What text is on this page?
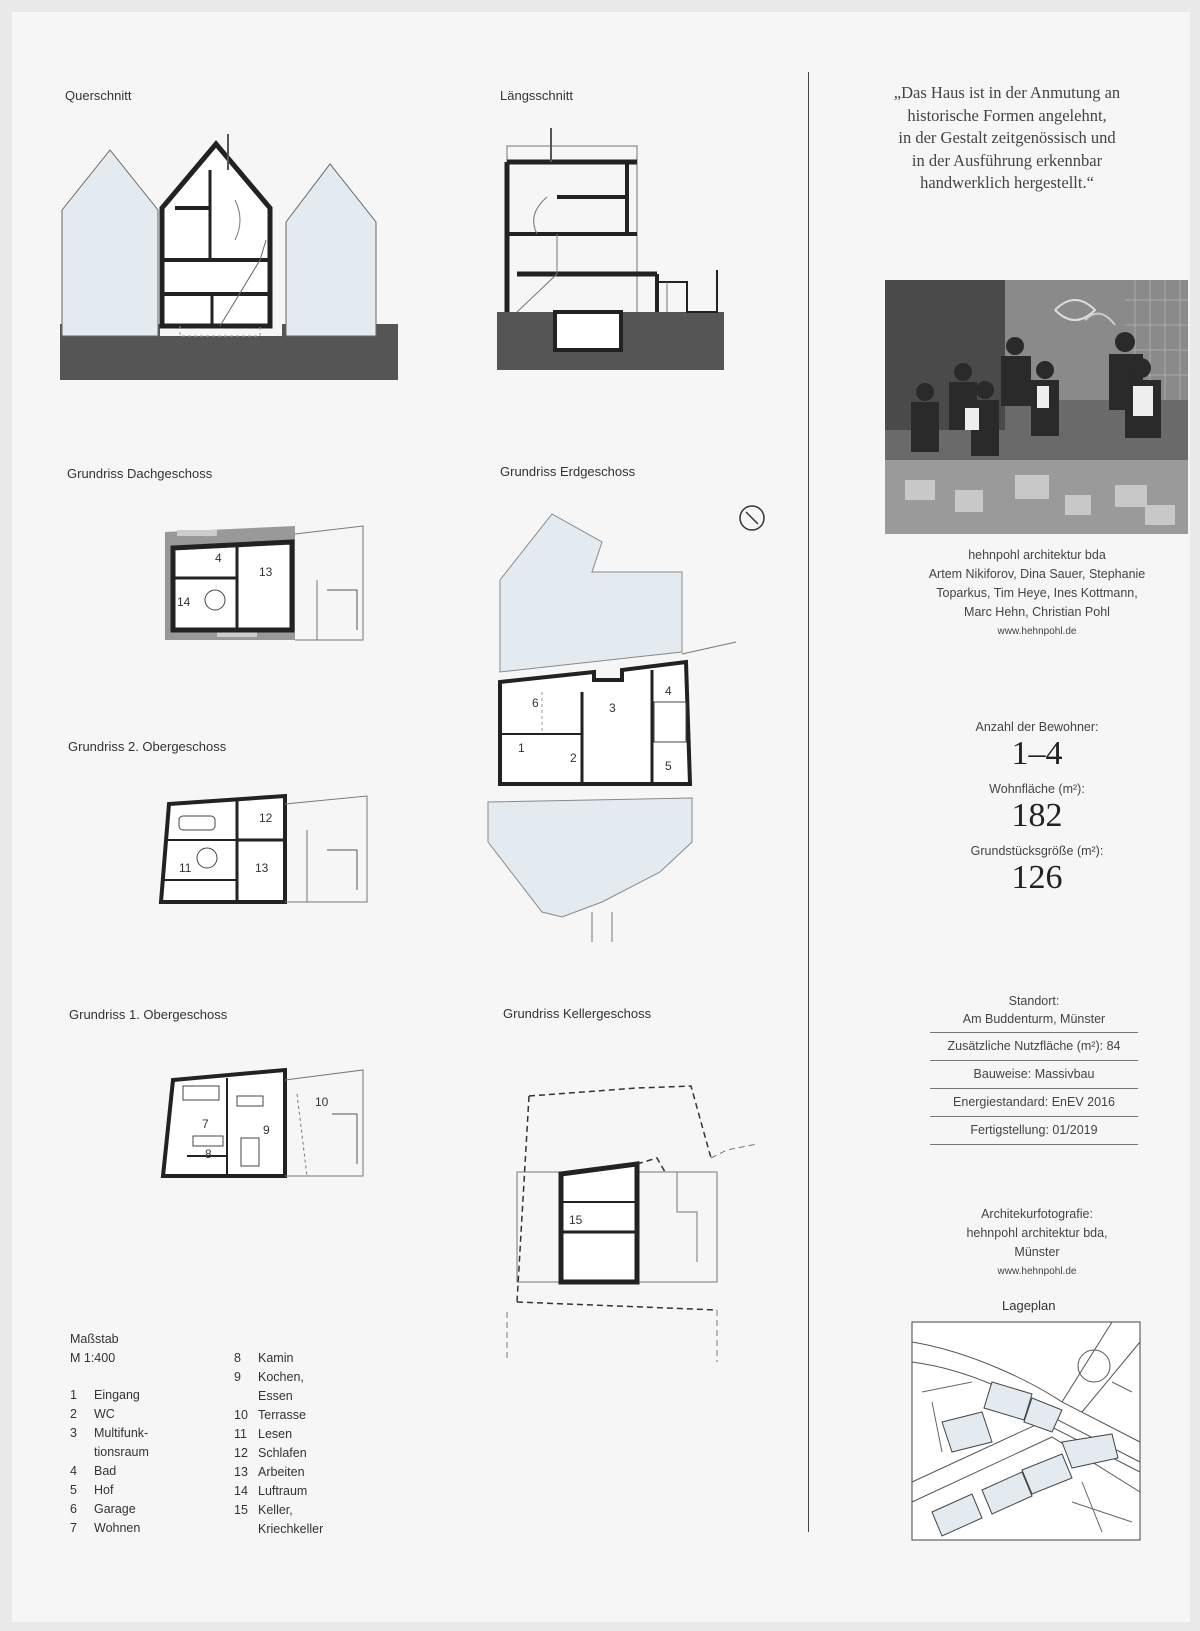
Querschnitt	Längsschnitt
Grundriss Dachgeschoss	Grundriss Erdgeschoss
Grundriss 2. Obergeschoss
Grundriss 1. Obergeschoss	Grundriss Kellergeschoss
4
13
14
6	3
4
1
2
5
12
11	13
7	9
10
8
15
Maßstab
M 1:400
1 Eingang
2 WC
3 Multifunk-
tionsraum
4 Bad
5 Hof
6 Garage
7 Wohnen
8 Kamin
9 Kochen,
Essen
10 Terrasse
11 Lesen
12 Schlafen
13 Arbeiten
14 Luftraum
15 Keller,
Kriechkeller
„Das Haus ist in der Anmutung an
historische Formen angelehnt,
in der Gestalt zeitgenössisch und
in der Ausführung erkennbar
handwerklich hergestellt.“
hehnpohl architektur bda
Artem Nikiforov, Dina Sauer, Stephanie
Toparkus, Tim Heye, Ines Kottmann,
Marc Hehn, Christian Pohl
www.hehnpohl.de
Anzahl der Bewohner:
1–4
Wohnfläche (m²):
182
Grundstücksgröße (m²):
126
Standort:
Am Buddenturm, Münster
Zusätzliche Nutzfläche (m²): 84
Bauweise: Massivbau
Energiestandard: EnEV 2016
Fertigstellung: 01/2019
Architekurfotografie:
hehnpohl architektur bda,
Münster
www.hehnpohl.de
Lageplan
